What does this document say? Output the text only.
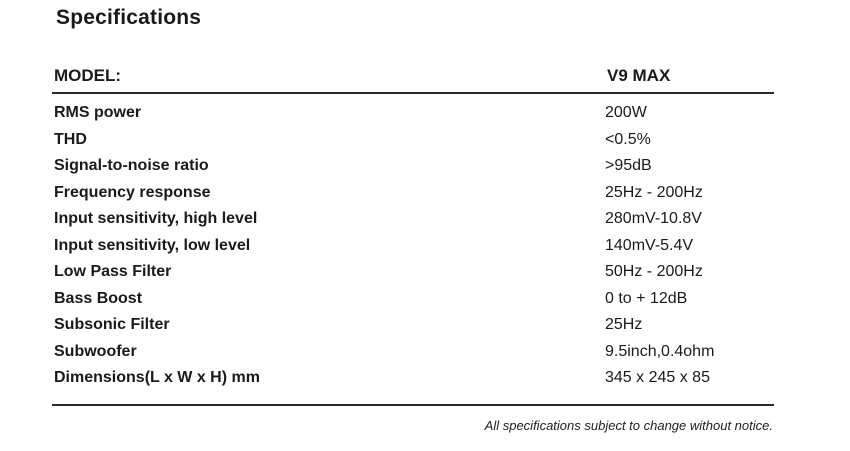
Specifications
MODEL:	V9 MAX
RMS power	200W
THD	<0.5%
Signal-to-noise ratio	>95dB
Frequency response	25Hz - 200Hz
Input sensitivity, high level	280mV-10.8V
Input sensitivity, low level	140mV-5.4V
Low Pass Filter	50Hz - 200Hz
Bass Boost	0 to + 12dB
Subsonic Filter	25Hz
Subwoofer	9.5inch,0.4ohm
Dimensions(L x W x H) mm	345 x 245 x 85
All specifications subject to change without notice.
